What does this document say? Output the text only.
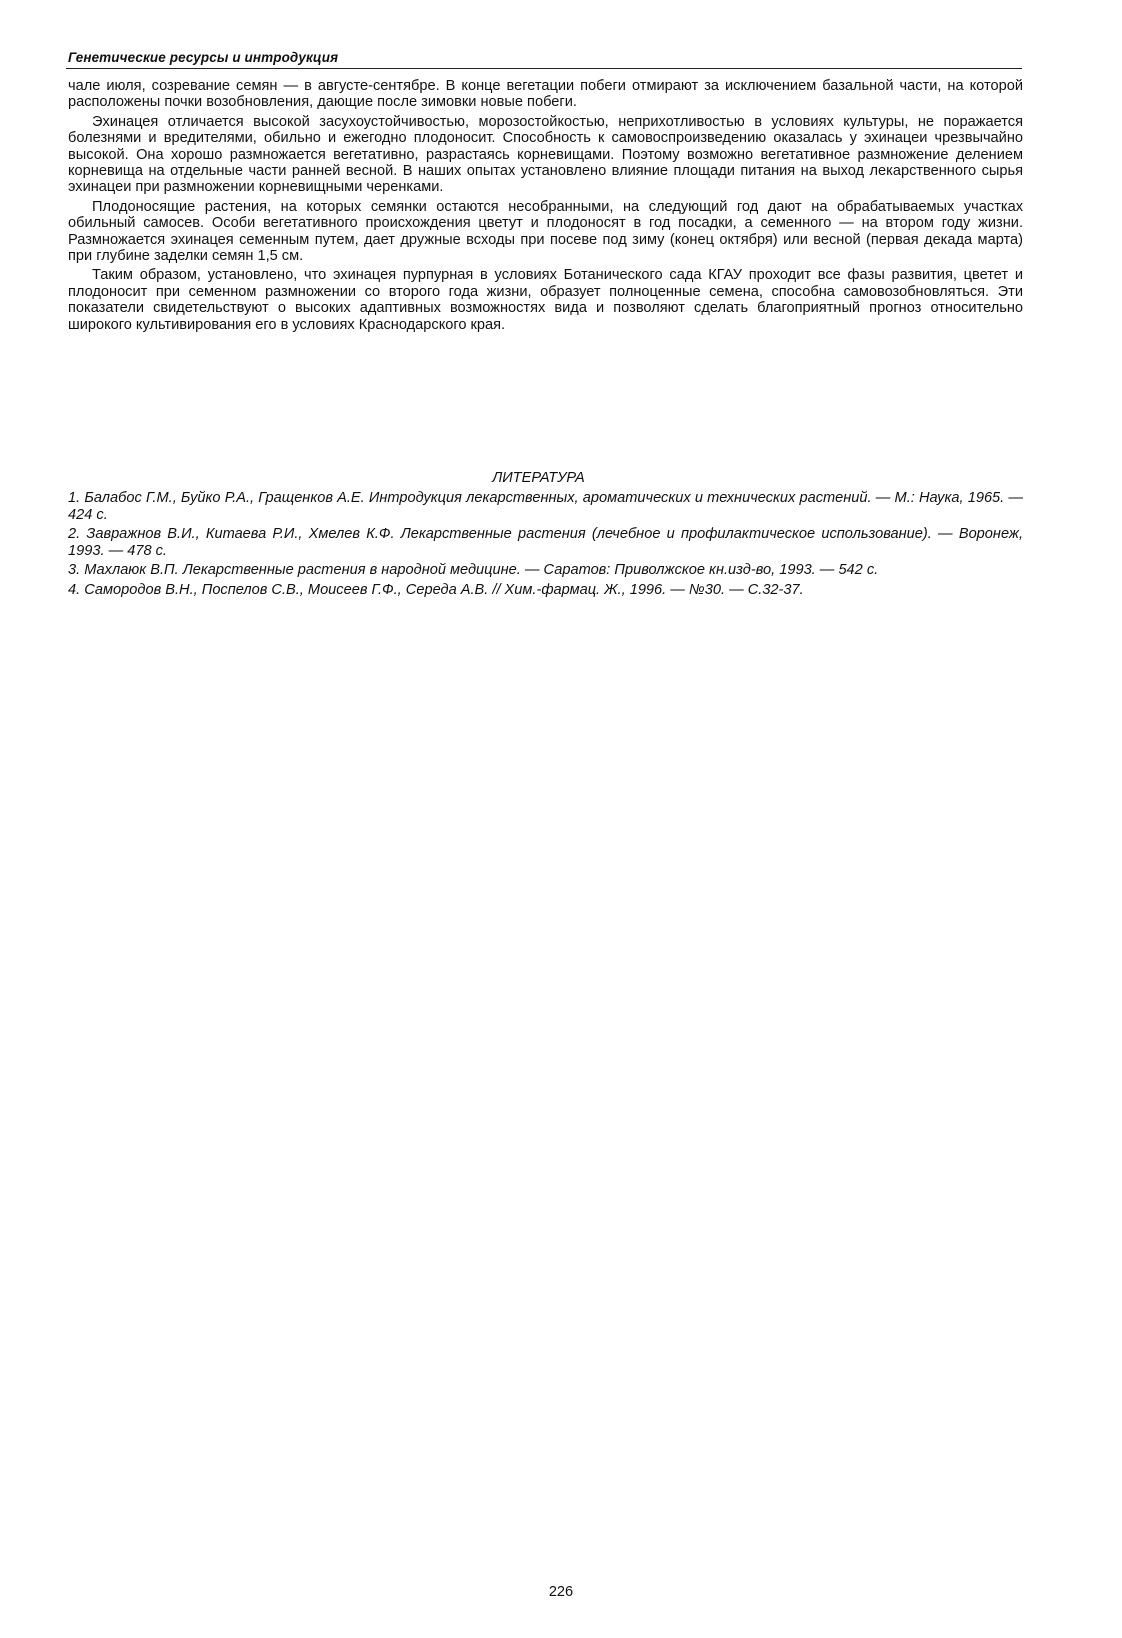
Генетические ресурсы и интродукция

чале июля, созревание семян — в августе-сентябре. В конце вегетации побеги отмирают за исключением базальной части, на которой расположены почки возобновления, дающие после зимовки новые побеги.

Эхинацея отличается высокой засухоустойчивостью, морозостойкостью, неприхотливостью в условиях культуры, не поражается болезнями и вредителями, обильно и ежегодно плодоносит. Способность к самовоспроизведению оказалась у эхинацеи чрезвычайно высокой. Она хорошо размножается вегетативно, разрастаясь корневищами. Поэтому возможно вегетативное размножение делением корневища на отдельные части ранней весной. В наших опытах установлено влияние площади питания на выход лекарственного сырья эхинацеи при размножении корневищными черенками.

Плодоносящие растения, на которых семянки остаются несобранными, на следующий год дают на обрабатываемых участках обильный самосев. Особи вегетативного происхождения цветут и плодоносят в год посадки, а семенного — на втором году жизни. Размножается эхинацея семенным путем, дает дружные всходы при посеве под зиму (конец октября) или весной (первая декада марта) при глубине заделки семян 1,5 см.

Таким образом, установлено, что эхинацея пурпурная в условиях Ботанического сада КГАУ проходит все фазы развития, цветет и плодоносит при семенном размножении со второго года жизни, образует полноценные семена, способна самовозобновляться. Эти показатели свидетельствуют о высоких адаптивных возможностях вида и позволяют сделать благоприятный прогноз относительно широкого культивирования его в условиях Краснодарского края.

ЛИТЕРАТУРА
1. Балабос Г.М., Буйко Р.А., Гращенков А.Е. Интродукция лекарственных, ароматических и технических растений. — М.: Наука, 1965. — 424 с.
2. Завражнов В.И., Китаева Р.И., Хмелев К.Ф. Лекарственные растения (лечебное и профилактическое использование). — Воронеж, 1993. — 478 с.
3. Махлаюк В.П. Лекарственные растения в народной медицине. — Саратов: Приволжское кн.изд-во, 1993. — 542 с.
4. Самородов В.Н., Поспелов С.В., Моисеев Г.Ф., Середа А.В. // Хим.-фармац. Ж., 1996. — №30. — С.32-37.
226
